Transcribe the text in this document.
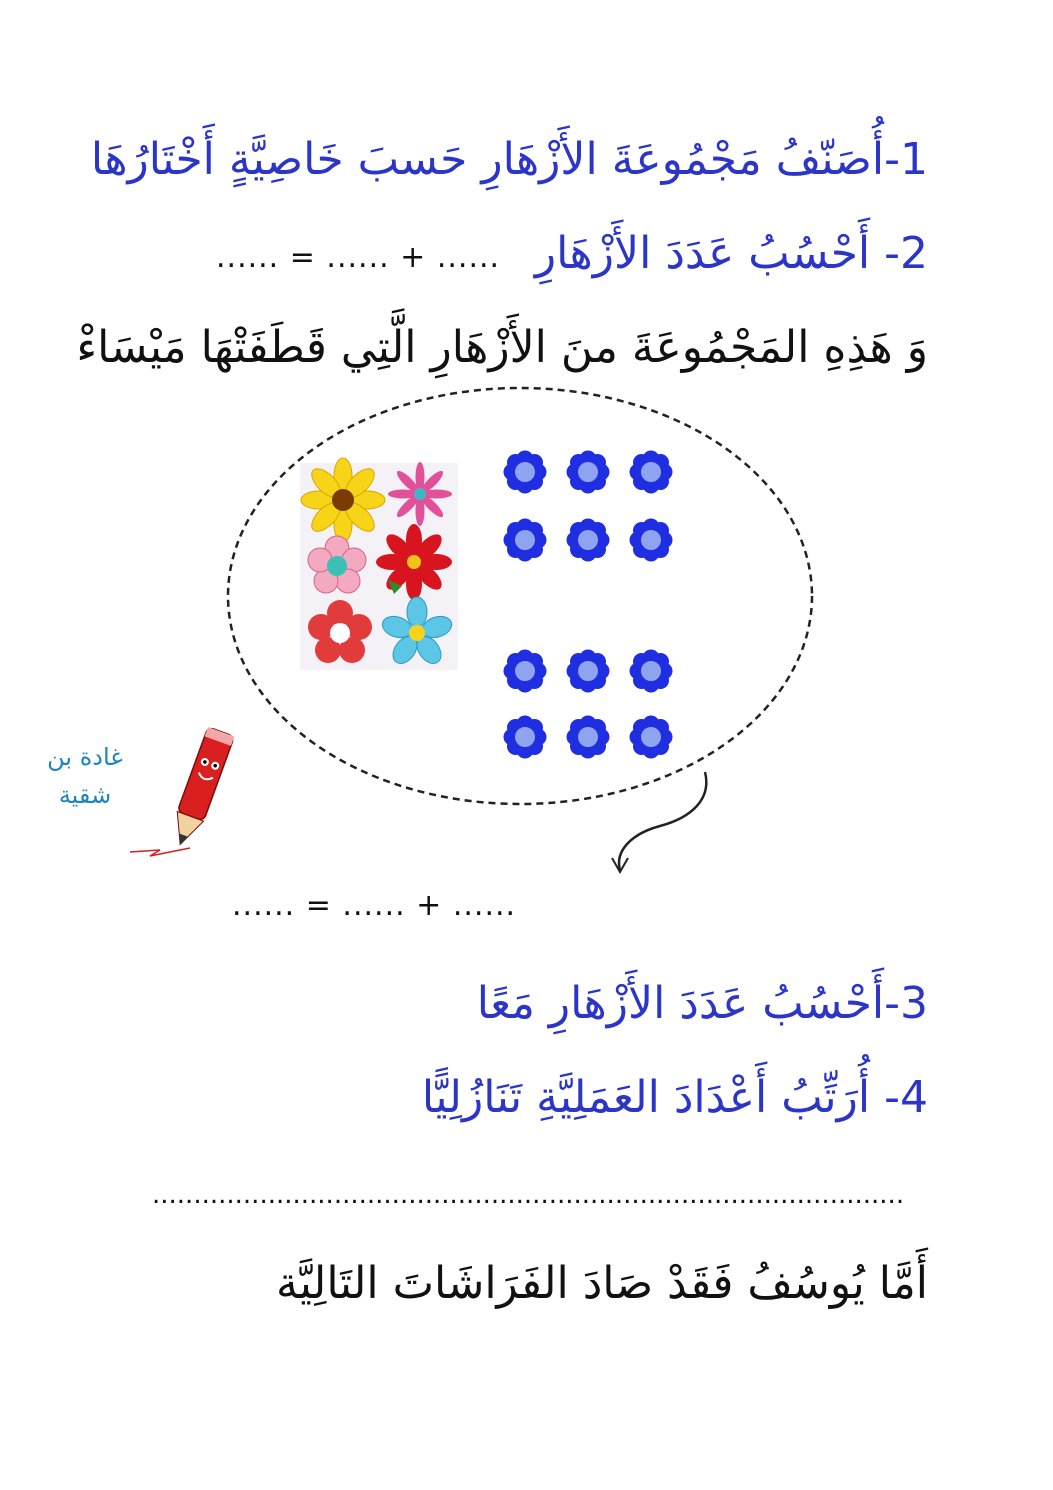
1-أُصَنّفُ مَجْمُوعَةَ الأَزْهَارِ حَسبَ خَاصِيَّةٍ أَخْتَارُهَا
2- أَحْسُبُ عَدَدَ الأَزْهَارِ
...... = ...... + ......
وَ هَذِهِ المَجْمُوعَةَ منَ الأَزْهَارِ الَّتِي قَطَفَتْهَا مَيْسَاءْ
غادة بن
شقية
...... = ...... + ......
3-أَحْسُبُ عَدَدَ الأَزْهَارِ مَعًا
4- أُرَتِّبُ أَعْدَادَ العَمَلِيَّةِ تَنَازُلِيًّا
...........................................................................................
أَمَّا يُوسُفُ فَقَدْ صَادَ الفَرَاشَاتَ التَالِيَّة
